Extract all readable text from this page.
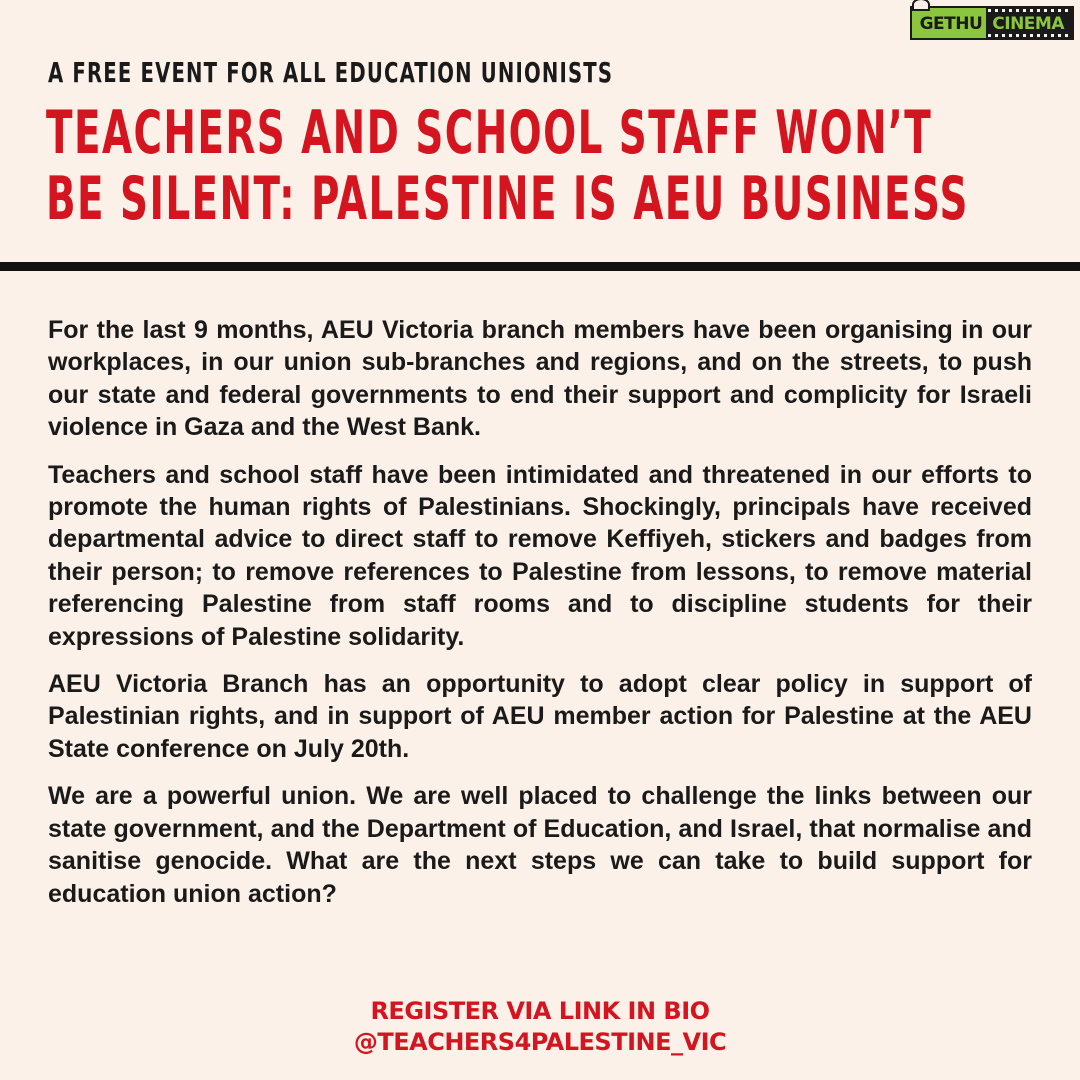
GETHU CINEMA
A FREE EVENT FOR ALL EDUCATION UNIONISTS
TEACHERS AND SCHOOL STAFF WON’T
BE SILENT: PALESTINE IS AEU BUSINESS

For the last 9 months, AEU Victoria branch members have been organising in our workplaces, in our union sub-branches and regions, and on the streets, to push our state and federal governments to end their support and complicity for Israeli violence in Gaza and the West Bank.

Teachers and school staff have been intimidated and threatened in our efforts to promote the human rights of Palestinians. Shockingly, principals have received departmental advice to direct staff to remove Keffiyeh, stickers and badges from their person; to remove references to Palestine from lessons, to remove material referencing Palestine from staff rooms and to discipline students for their expressions of Palestine solidarity.

AEU Victoria Branch has an opportunity to adopt clear policy in support of Palestinian rights, and in support of AEU member action for Palestine at the AEU State conference on July 20th.

We are a powerful union. We are well placed to challenge the links between our state government, and the Department of Education, and Israel, that normalise and sanitise genocide. What are the next steps we can take to build support for education union action?

REGISTER VIA LINK IN BIO
@TEACHERS4PALESTINE_VIC
